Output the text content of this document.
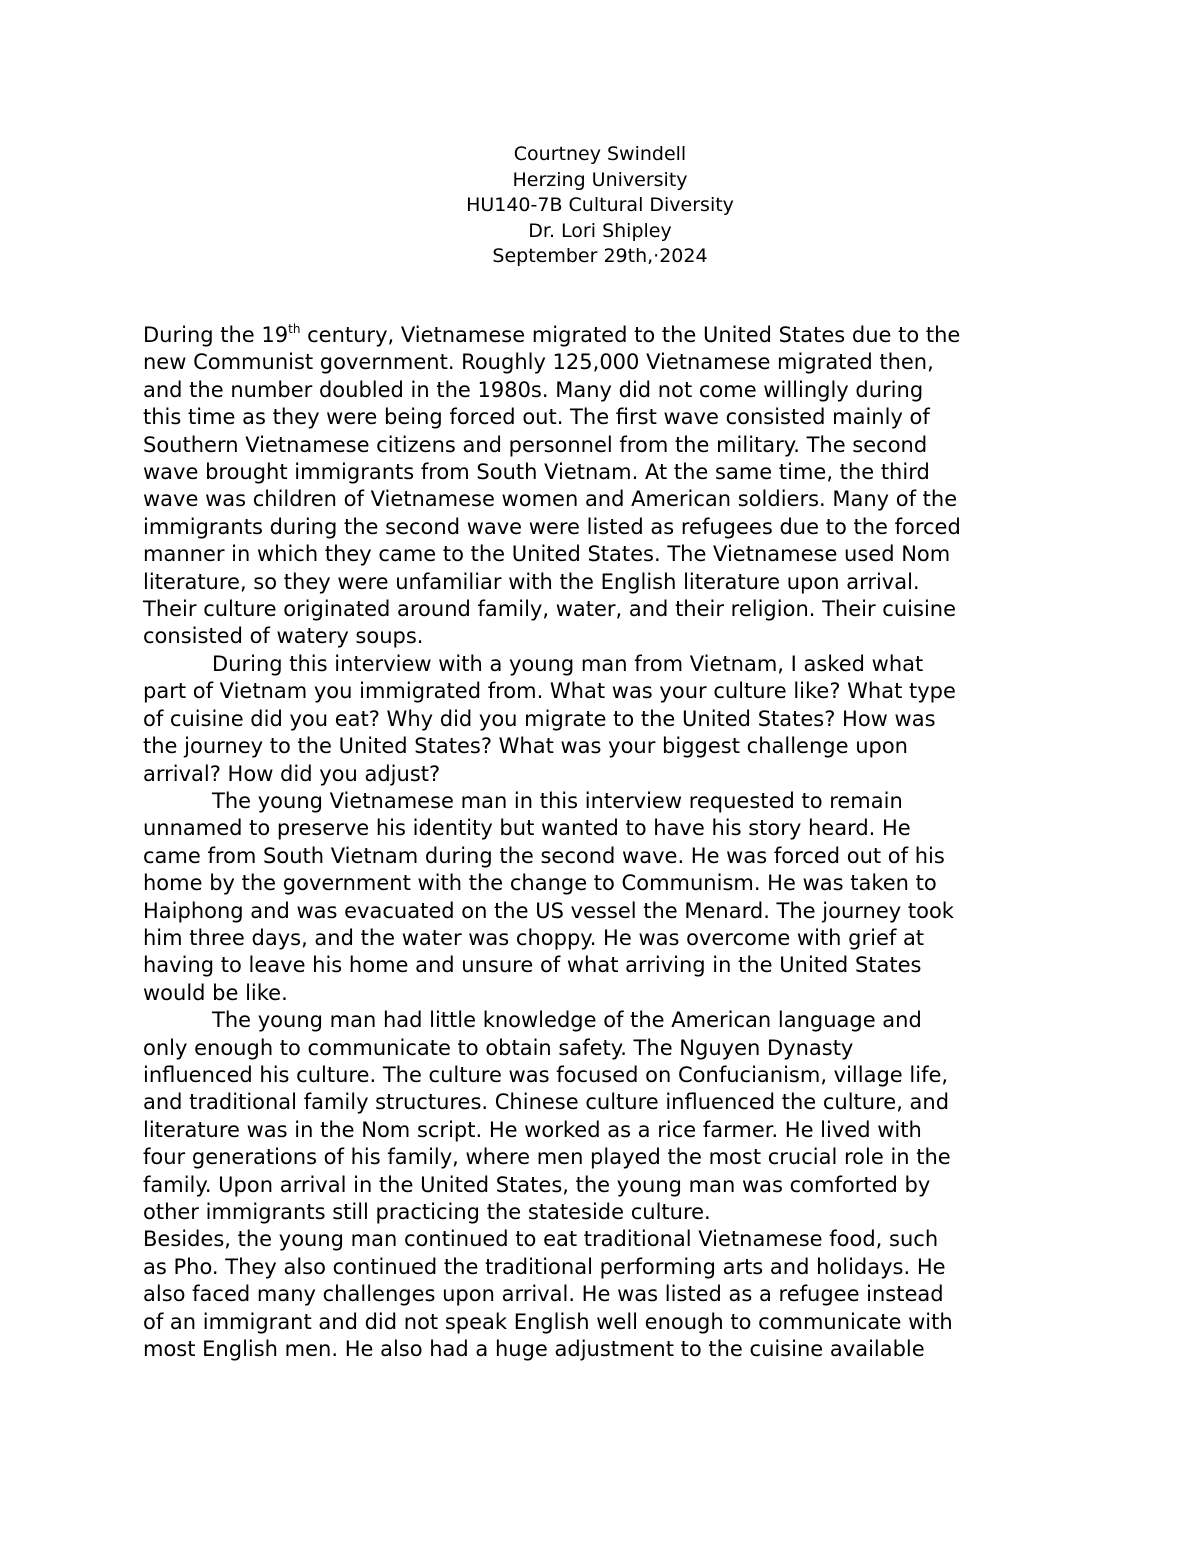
Courtney Swindell
Herzing University
HU140-7B Cultural Diversity
Dr. Lori Shipley
September 29th,·2024
During the 19th century, Vietnamese migrated to the United States due to the
new Communist government. Roughly 125,000 Vietnamese migrated then,
and the number doubled in the 1980s. Many did not come willingly during
this time as they were being forced out. The first wave consisted mainly of
Southern Vietnamese citizens and personnel from the military. The second
wave brought immigrants from South Vietnam. At the same time, the third
wave was children of Vietnamese women and American soldiers. Many of the
immigrants during the second wave were listed as refugees due to the forced
manner in which they came to the United States. The Vietnamese used Nom
literature, so they were unfamiliar with the English literature upon arrival.
Their culture originated around family, water, and their religion. Their cuisine
consisted of watery soups.
During this interview with a young man from Vietnam, I asked what
part of Vietnam you immigrated from. What was your culture like? What type
of cuisine did you eat? Why did you migrate to the United States? How was
the journey to the United States? What was your biggest challenge upon
arrival? How did you adjust?
The young Vietnamese man in this interview requested to remain
unnamed to preserve his identity but wanted to have his story heard. He
came from South Vietnam during the second wave. He was forced out of his
home by the government with the change to Communism. He was taken to
Haiphong and was evacuated on the US vessel the Menard. The journey took
him three days, and the water was choppy. He was overcome with grief at
having to leave his home and unsure of what arriving in the United States
would be like.
The young man had little knowledge of the American language and
only enough to communicate to obtain safety. The Nguyen Dynasty
influenced his culture. The culture was focused on Confucianism, village life,
and traditional family structures. Chinese culture influenced the culture, and
literature was in the Nom script. He worked as a rice farmer. He lived with
four generations of his family, where men played the most crucial role in the
family. Upon arrival in the United States, the young man was comforted by
other immigrants still practicing the stateside culture.
Besides, the young man continued to eat traditional Vietnamese food, such
as Pho. They also continued the traditional performing arts and holidays. He
also faced many challenges upon arrival. He was listed as a refugee instead
of an immigrant and did not speak English well enough to communicate with
most English men. He also had a huge adjustment to the cuisine available
